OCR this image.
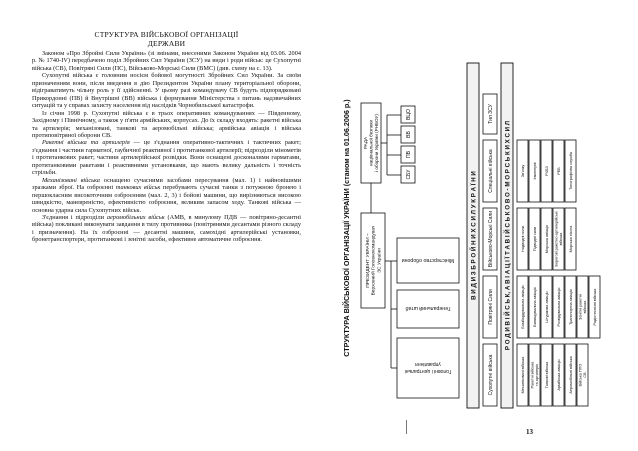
СТРУКТУРА ВІЙСЬКОВОЇ ОРГАНІЗАЦІЇ
ДЕРЖАВИ

Законом «Про Збройні Сили України» (зі змінами, внесеними Законом України від 03.06. 2004 р. № 1740-IV) передбачено поділ Збройних Сил України (ЗСУ) на види і роди військ: це Сухопутні війська (СВ), Повітряні Сили (ПС), Військово-Морські Сили (ВМС) (див. схему на с. 13).

Сухопутні війська є головним носієм бойової могутності Збройних Сил України. За своїм призначенням вони, після введення в дію Президентом України плану територіальної оборони, відіграватимуть чільну роль у її здійсненні. У цьому разі командувачу СВ будуть підпорядковані Прикордонні (ПВ) й Внутрішні (ВВ) війська і формування Міністерства з питань надзвичайних ситуацій та у справах захисту населення від наслідків Чорнобильської катастрофи.

Із січня 1998 р. Сухопутні війська є в трьох оперативних командуваннях — Південному, Західному і Північному, а також у п'яти армійських, корпусах. До їх складу входять: ракетні війська та артилерія; механізовані, танкові та аеромобільні війська; армійська авіація і війська протиповітряної оборони СВ.

Ракетні війська та артилерія — це з'єднання оперативно-тактичних і тактичних ракет; з'єднання і частини гарматної, гаубичної реактивної і протитанкової артилерії; підрозділи мінометів і протитанкових ракет; частини артилерійської розвідки. Вони оснащені досконалими гарматами, протитанковими ракетами і реактивними установками, що мають велику дальність і точність стрільби.

Механізовані війська оснащено сучасними засобами пересування (мал. 1) і найновішими зразками зброї. На озброєнні танкових військ перебувають сучасні танки з потужною бронею і першокласним високоточним озброєнням (мал. 2, 3) і бойові машини, що вирізняються високою швидкістю, маневреністю, ефективністю озброєння, великим запасом ходу. Танкові війська — основна ударна сила Сухопутних військ.

З'єднання і підрозділи аеромобільних військ (АМВ, в минулому ПДВ — повітряно-десантні війська) покликані виконувати завдання в тилу противника (повітряними десантами різного складу і призначення). На їх озброєнні — десантні машини, самохідні артилерійські установки, бронетранспортери, протитанкові і зенітні засоби, ефективне автоматичне озброєння.	СТРУКТУРА ВІЙСЬКОВОЇ ОРГАНІЗАЦІЇ УКРАЇНИ (станом на 01.06.2006 р.)	ПРЕЗИДЕНТ УКРАЇНИ – Верховний Головнокомандувач ЗС України
РАДА національної безпеки і оборони України (РНБОУ)
Міністерство оборони
Генеральний штаб
Головні і центральні
управління
СБУ
ПВ
ВВ
ВЦО
В И Д И З Б Р О Й Н И Х С И Л У К Р А Ї Н И
Сухопутні війська
Повітряні Сили
Військово-Морські Сили
Спеціальні війська
Тил ЗСУ
Р О Д И В І Й С Ь К, А В І А Ц І Ї Т А В І Й С Ь К О В О - М О Р С Ь К И Х С И Л
Механізовані війська Ракетні війська та артилерія Танкові війська Армійська авіація Аеромобільні війська Війська ППО СВ
Бомбардувальна авіація Винищувальна авіація Штурмова авіація Розвідувальна авіація Транспортна авіація Зенітні ракетні війська Радіотехнічні війська
Надводні сили Підводні сили Морська авіація Берегові ракетно-артилерійські війська Морська піхота
Зв'язку Інженерні РХБЗ РЕБ Топографічна служба
13
